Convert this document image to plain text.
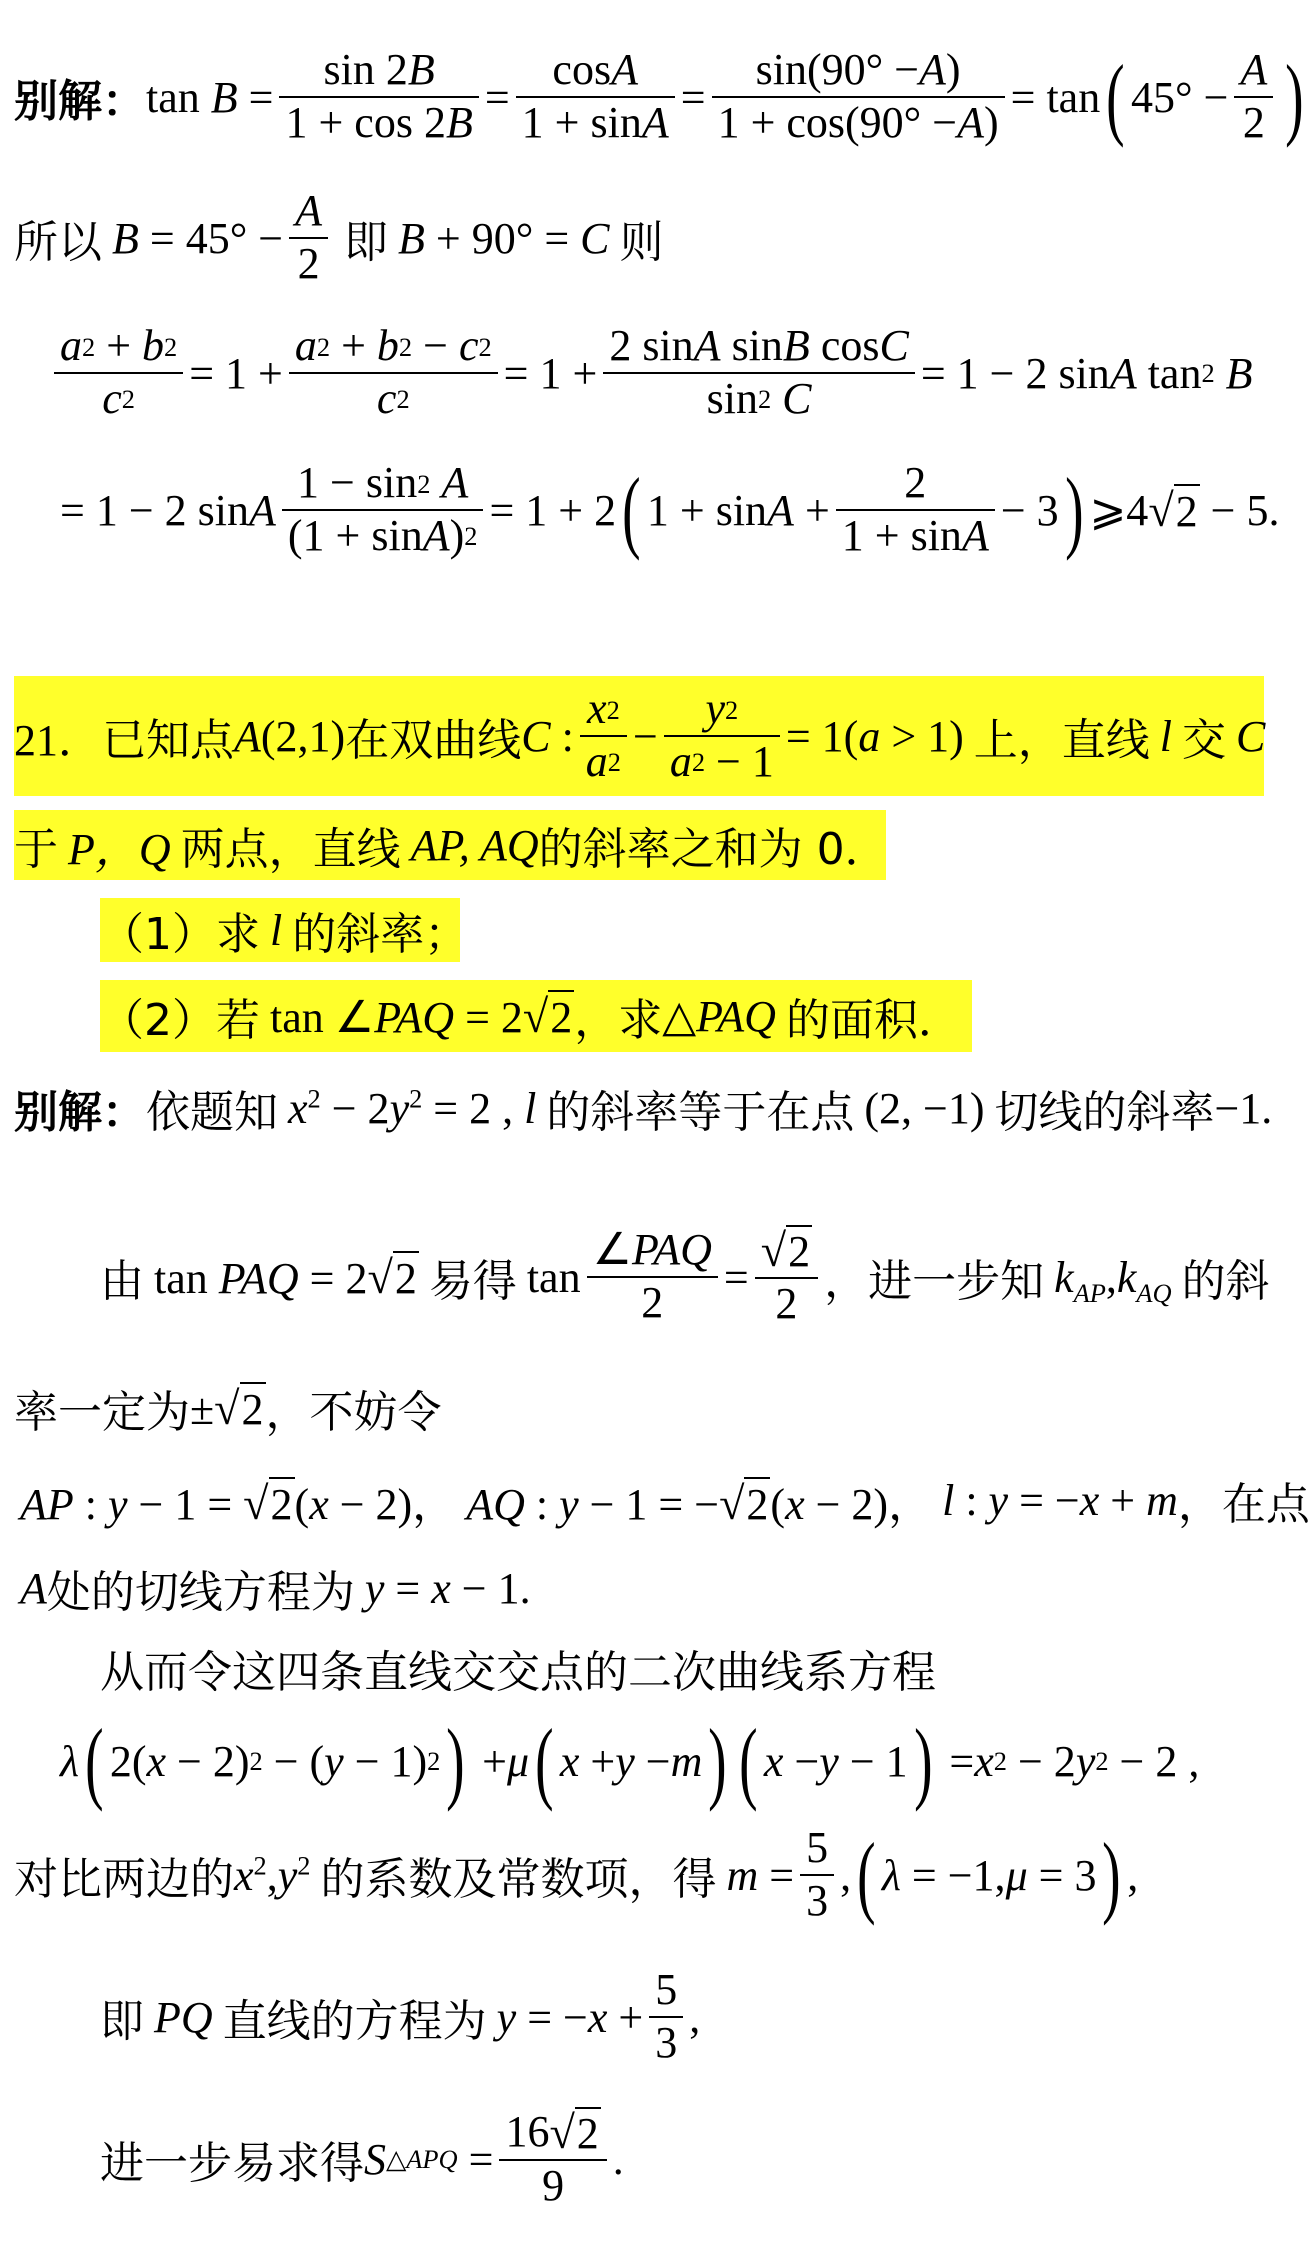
别解： $\tan B = \frac{\sin 2 B}{1 + \cos 2 B} = \frac{\text{cos A}}{\text{1 + sin A}} = \frac{\sin(90^\circ - A )}{1 + \cos(90^\circ - A )} = \tan$ ( $45^\circ - \frac{A}{2}$ )
所以 $B = 45^\circ - \frac{A}{2}$ 即 B + 90° = C 则
$\frac{a 2 + b 2}{c 2} = 1 + \frac{a 2 + b 2 - c 2}{c 2} = 1 + 2$ sin A sin B cos C
sin 2
C = 1 − 2 sin A tan 2
B
= 1 − 2 sin A 1 − sin 2
A
(1 + sin A ) 2 = 1 + 2 ( $1 + \sin A + \frac{2}{\text{1 + sin A}} - 3$ ) ⩾4 √ 2 − 5.
21． 已知点 A(2,1) 在双曲线 C : $\frac{x 2}{a 2} - \frac{y 2}{a 2 - 1} = 1$( a > 1) 上，直线 l 交 C
于 P，Q 两点，直线 AP, AQ 的斜率之和为 0．
（1） 求 l 的斜率；
（2） 若 tan ∠PAQ = 2 √ 2 ，求 △PAQ 的面积．
别解： 依题知 $x^2 - 2y^2 = 2$ , l 的斜率等于在点 (2, −1) 切线的斜率 −1.
由 tan PAQ = 2 √ 2 易得 $\tan \frac{\text{∠ PAQ}}{2} = \frac{√ 2}{2}$ ，进一步知 $k_{AP},k_{AQ}$ 的斜
率一定为 ± √ 2 ，不妨令
AP : y − 1 = √ 2 (x − 2)， AQ : y − 1 = − √ 2 (x − 2)， l : y = −x + m ，在点
A 处的切线方程为 y = x − 1.
从而令这四条直线交交点的二次曲线系方程
λ ( 2( x − 2) 2 − ( y − 1) 2 ) + μ ( x + y − m ) ( x − y − 1 ) = x 2 − 2 y 2 − 2 ,
对比两边的 $x^2,y^2$ 的系数及常数项，得 $m = \frac{5}{3}$ , ( λ = −1, μ = 3 ) ,
即 PQ 直线的方程为 y = − $x + \frac{5}{3}$ ,
进一步易求得 S △APQ = $\frac{16 √ 2}{9}$ .
